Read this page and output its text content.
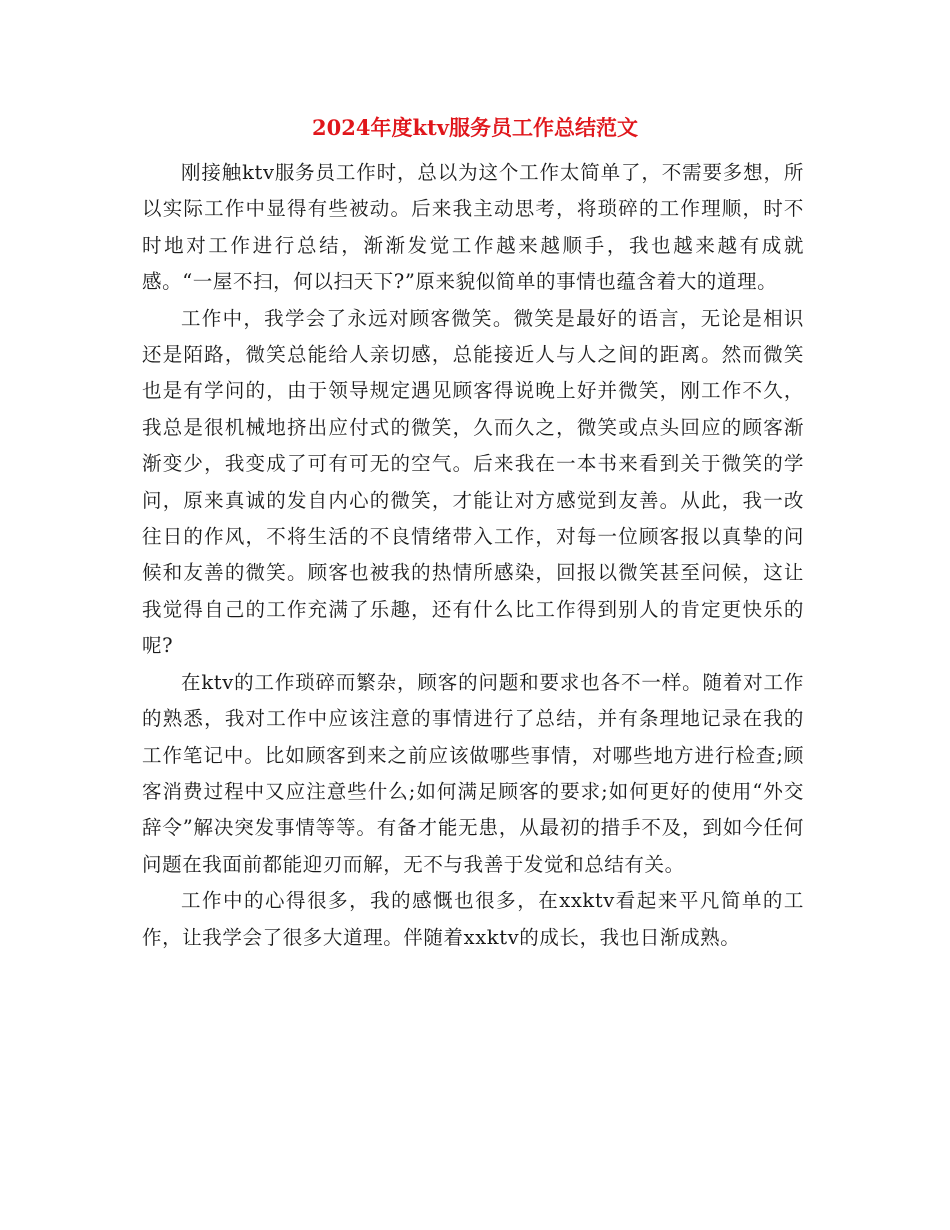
2024年度ktv服务员工作总结范文

刚接触ktv服务员工作时，总以为这个工作太简单了，不需要多想，所以实际工作中显得有些被动。后来我主动思考，将琐碎的工作理顺，时不时地对工作进行总结，渐渐发觉工作越来越顺手，我也越来越有成就感。“一屋不扫，何以扫天下?”原来貌似简单的事情也蕴含着大的道理。

工作中，我学会了永远对顾客微笑。微笑是最好的语言，无论是相识还是陌路，微笑总能给人亲切感，总能接近人与人之间的距离。然而微笑也是有学问的，由于领导规定遇见顾客得说晚上好并微笑，刚工作不久，我总是很机械地挤出应付式的微笑，久而久之，微笑或点头回应的顾客渐渐变少，我变成了可有可无的空气。后来我在一本书来看到关于微笑的学问，原来真诚的发自内心的微笑，才能让对方感觉到友善。从此，我一改往日的作风，不将生活的不良情绪带入工作，对每一位顾客报以真挚的问候和友善的微笑。顾客也被我的热情所感染，回报以微笑甚至问候，这让我觉得自己的工作充满了乐趣，还有什么比工作得到别人的肯定更快乐的呢?

在ktv的工作琐碎而繁杂，顾客的问题和要求也各不一样。随着对工作的熟悉，我对工作中应该注意的事情进行了总结，并有条理地记录在我的工作笔记中。比如顾客到来之前应该做哪些事情，对哪些地方进行检查;顾客消费过程中又应注意些什么;如何满足顾客的要求;如何更好的使用“外交辞令”解决突发事情等等。有备才能无患，从最初的措手不及，到如今任何问题在我面前都能迎刃而解，无不与我善于发觉和总结有关。

工作中的心得很多，我的感慨也很多，在xxktv看起来平凡简单的工作，让我学会了很多大道理。伴随着xxktv的成长，我也日渐成熟。
